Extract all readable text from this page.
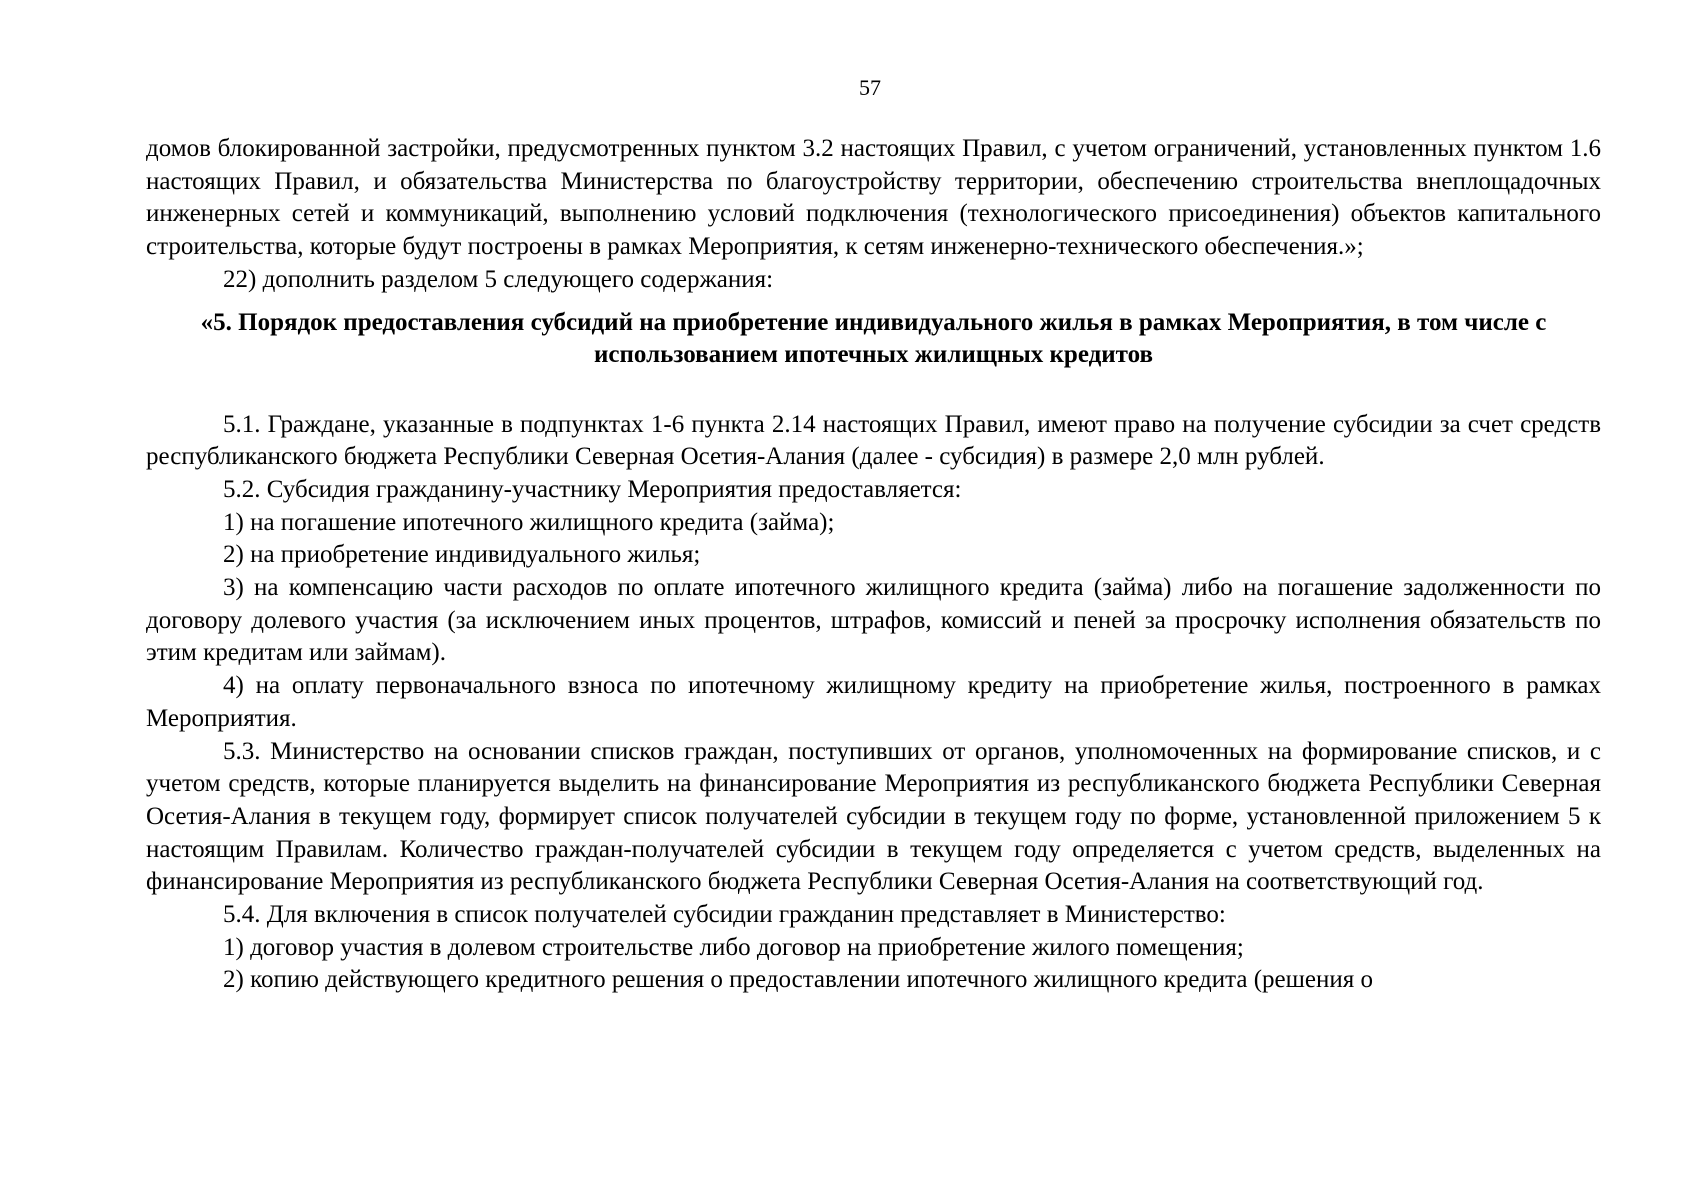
57

домов блокированной застройки, предусмотренных пунктом 3.2 настоящих Правил, с учетом ограничений, установленных пунктом 1.6 настоящих Правил, и обязательства Министерства по благоустройству территории, обеспечению строительства внеплощадочных инженерных сетей и коммуникаций, выполнению условий подключения (технологического присоединения) объектов капитального строительства, которые будут построены в рамках Мероприятия, к сетям инженерно-технического обеспечения.»;

22) дополнить разделом 5 следующего содержания:

«5. Порядок предоставления субсидий на приобретение индивидуального жилья в рамках Мероприятия, в том числе с использованием ипотечных жилищных кредитов

5.1. Граждане, указанные в подпунктах 1-6 пункта 2.14 настоящих Правил, имеют право на получение субсидии за счет средств республиканского бюджета Республики Северная Осетия-Алания (далее - субсидия) в размере 2,0 млн рублей.

5.2. Субсидия гражданину-участнику Мероприятия предоставляется:

1) на погашение ипотечного жилищного кредита (займа);

2) на приобретение индивидуального жилья;

3) на компенсацию части расходов по оплате ипотечного жилищного кредита (займа) либо на погашение задолженности по договору долевого участия (за исключением иных процентов, штрафов, комиссий и пеней за просрочку исполнения обязательств по этим кредитам или займам).

4) на оплату первоначального взноса по ипотечному жилищному кредиту на приобретение жилья, построенного в рамках Мероприятия.

5.3. Министерство на основании списков граждан, поступивших от органов, уполномоченных на формирование списков, и с учетом средств, которые планируется выделить на финансирование Мероприятия из республиканского бюджета Республики Северная Осетия-Алания в текущем году, формирует список получателей субсидии в текущем году по форме, установленной приложением 5 к настоящим Правилам. Количество граждан-получателей субсидии в текущем году определяется с учетом средств, выделенных на финансирование Мероприятия из республиканского бюджета Республики Северная Осетия-Алания на соответствующий год.

5.4. Для включения в список получателей субсидии гражданин представляет в Министерство:

1) договор участия в долевом строительстве либо договор на приобретение жилого помещения;

2) копию действующего кредитного решения о предоставлении ипотечного жилищного кредита (решения о
